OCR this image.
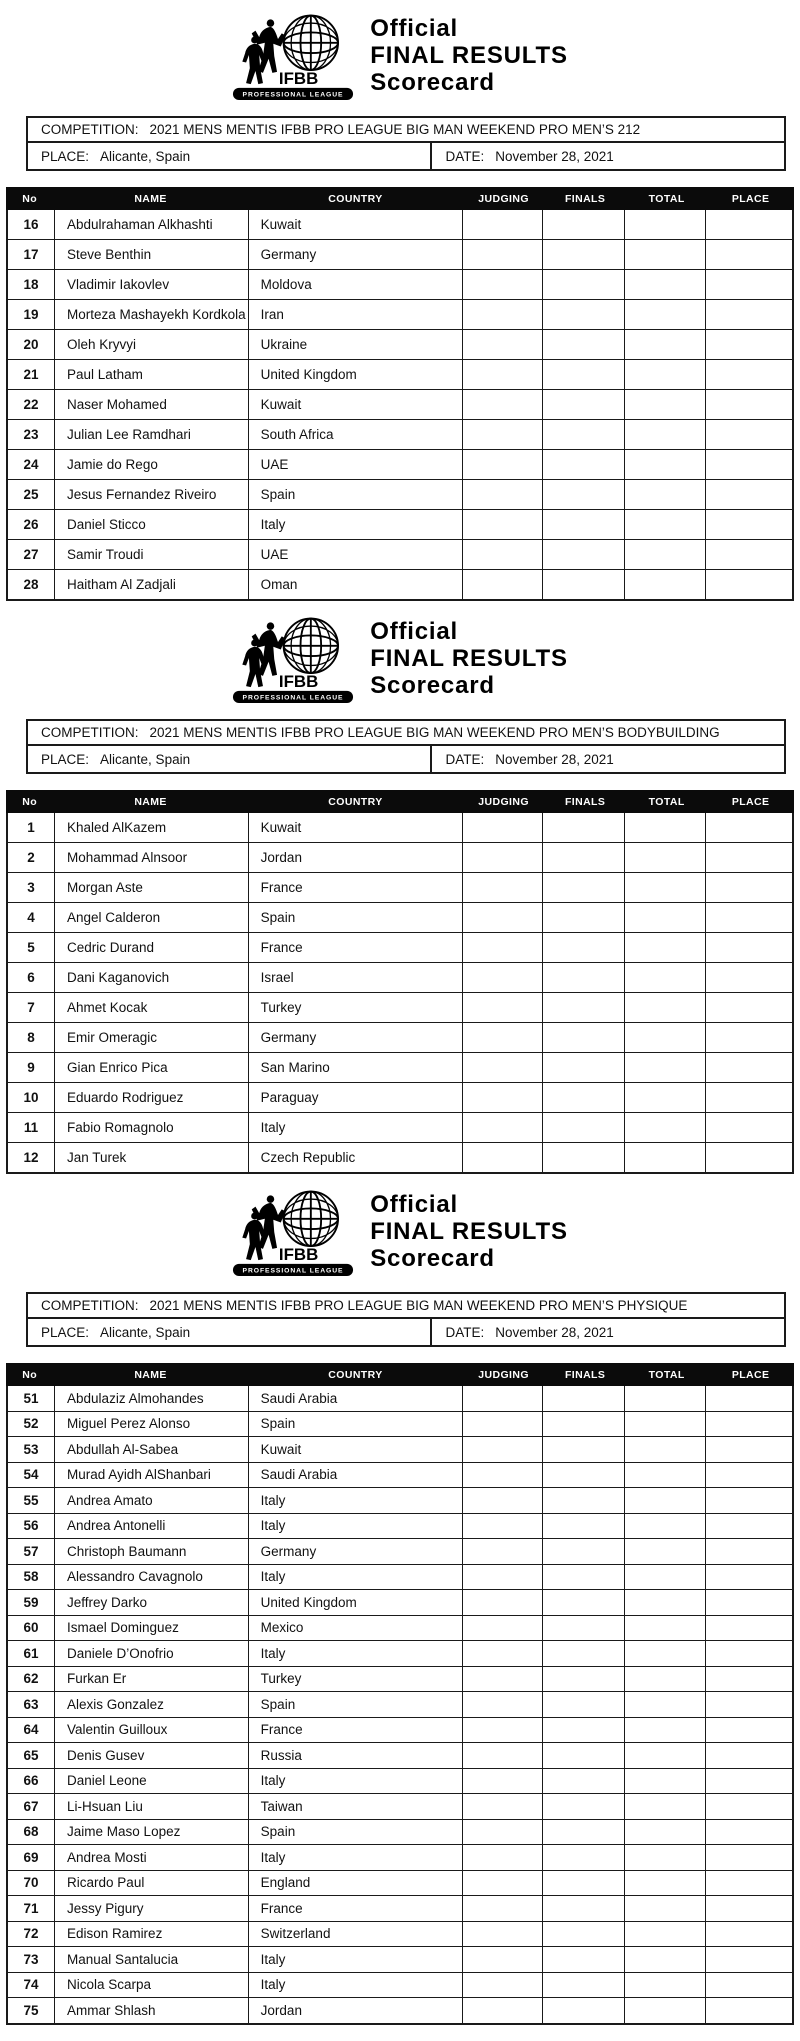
IFBB
PROFESSIONAL LEAGUE
Official
FINAL RESULTS
Scorecard
COMPETITION: 2021 MENS MENTIS IFBB PRO LEAGUE BIG MAN WEEKEND PRO MEN’S 212
PLACE: Alicante, Spain	DATE: November 28, 2021
No	NAME	COUNTRY	JUDGING	FINALS	TOTAL	PLACE
16	Abdulrahaman Alkhashti	Kuwait
17	Steve Benthin	Germany
18	Vladimir Iakovlev	Moldova
19	Morteza Mashayekh Kordkola	Iran
20	Oleh Kryvyi	Ukraine
21	Paul Latham	United Kingdom
22	Naser Mohamed	Kuwait
23	Julian Lee Ramdhari	South Africa
24	Jamie do Rego	UAE
25	Jesus Fernandez Riveiro	Spain
26	Daniel Sticco	Italy
27	Samir Troudi	UAE
28	Haitham Al Zadjali	Oman
IFBB
PROFESSIONAL LEAGUE
Official
FINAL RESULTS
Scorecard
COMPETITION: 2021 MENS MENTIS IFBB PRO LEAGUE BIG MAN WEEKEND PRO MEN’S BODYBUILDING
PLACE: Alicante, Spain	DATE: November 28, 2021
No	NAME	COUNTRY	JUDGING	FINALS	TOTAL	PLACE
1	Khaled AlKazem	Kuwait
2	Mohammad Alnsoor	Jordan
3	Morgan Aste	France
4	Angel Calderon	Spain
5	Cedric Durand	France
6	Dani Kaganovich	Israel
7	Ahmet Kocak	Turkey
8	Emir Omeragic	Germany
9	Gian Enrico Pica	San Marino
10	Eduardo Rodriguez	Paraguay
11	Fabio Romagnolo	Italy
12	Jan Turek	Czech Republic
IFBB
PROFESSIONAL LEAGUE
Official
FINAL RESULTS
Scorecard
COMPETITION: 2021 MENS MENTIS IFBB PRO LEAGUE BIG MAN WEEKEND PRO MEN’S PHYSIQUE
PLACE: Alicante, Spain	DATE: November 28, 2021
No	NAME	COUNTRY	JUDGING	FINALS	TOTAL	PLACE
51	Abdulaziz Almohandes	Saudi Arabia
52	Miguel Perez Alonso	Spain
53	Abdullah Al-Sabea	Kuwait
54	Murad Ayidh AlShanbari	Saudi Arabia
55	Andrea Amato	Italy
56	Andrea Antonelli	Italy
57	Christoph Baumann	Germany
58	Alessandro Cavagnolo	Italy
59	Jeffrey Darko	United Kingdom
60	Ismael Dominguez	Mexico
61	Daniele D’Onofrio	Italy
62	Furkan Er	Turkey
63	Alexis Gonzalez	Spain
64	Valentin Guilloux	France
65	Denis Gusev	Russia
66	Daniel Leone	Italy
67	Li-Hsuan Liu	Taiwan
68	Jaime Maso Lopez	Spain
69	Andrea Mosti	Italy
70	Ricardo Paul	England
71	Jessy Pigury	France
72	Edison Ramirez	Switzerland
73	Manual Santalucia	Italy
74	Nicola Scarpa	Italy
75	Ammar Shlash	Jordan
